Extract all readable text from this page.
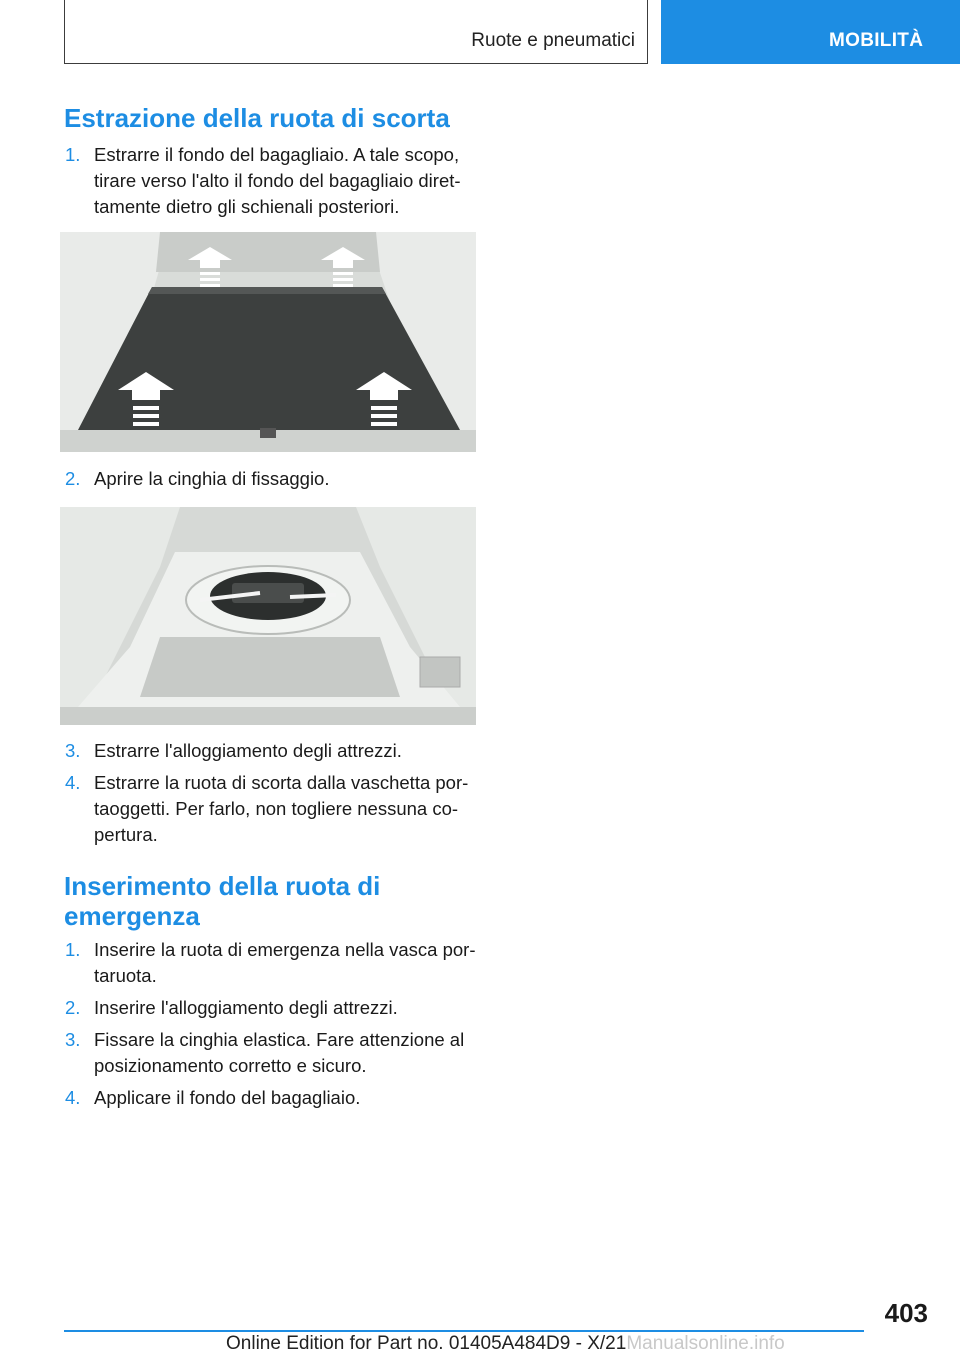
Ruote e pneumatici	MOBILITÀ
Estrazione della ruota di scorta
1. Estrarre il fondo del bagagliaio. A tale scopo,
tirare verso l'alto il fondo del bagagliaio diret-
tamente dietro gli schienali posteriori.
2. Aprire la cinghia di fissaggio.
3. Estrarre l'alloggiamento degli attrezzi.
4. Estrarre la ruota di scorta dalla vaschetta por-
taoggetti. Per farlo, non togliere nessuna co-
pertura.
Inserimento della ruota di
emergenza
1. Inserire la ruota di emergenza nella vasca por-
taruota.
2. Inserire l'alloggiamento degli attrezzi.
3. Fissare la cinghia elastica. Fare attenzione al
posizionamento corretto e sicuro.
4. Applicare il fondo del bagagliaio.
403
Online Edition for Part no. 01405A484D9 - X/21Manualsonline.info
